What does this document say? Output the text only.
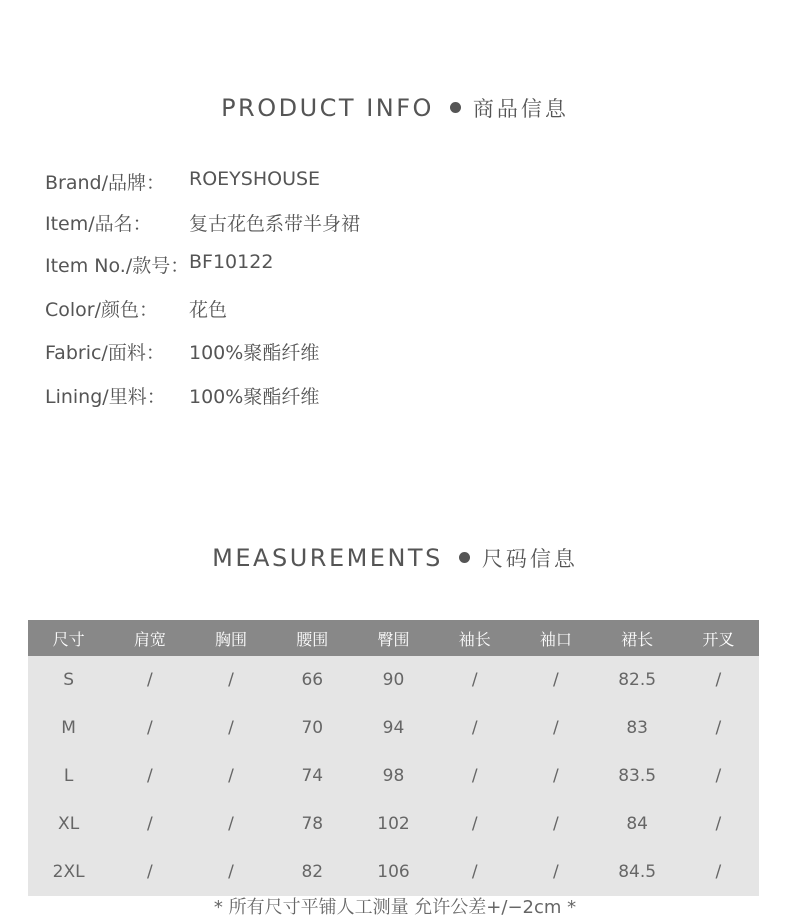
PRODUCT INFO 商品信息
Brand/品牌： ROEYSHOUSE
Item/品名： 复古花色系带半身裙
Item No./款号： BF10122
Color/颜色： 花色
Fabric/面料： 100%聚酯纤维
Lining/里料： 100%聚酯纤维
MEASUREMENTS 尺码信息
尺寸	肩宽	胸围	腰围	臀围	袖长	袖口	裙长	开叉
S	/	/	66	90	/	/	82.5	/
M	/	/	70	94	/	/	83	/
L	/	/	74	98	/	/	83.5	/
XL	/	/	78	102	/	/	84	/
2XL	/	/	82	106	/	/	84.5	/
* 所有尺寸平铺人工测量 允许公差+/−2cm *
